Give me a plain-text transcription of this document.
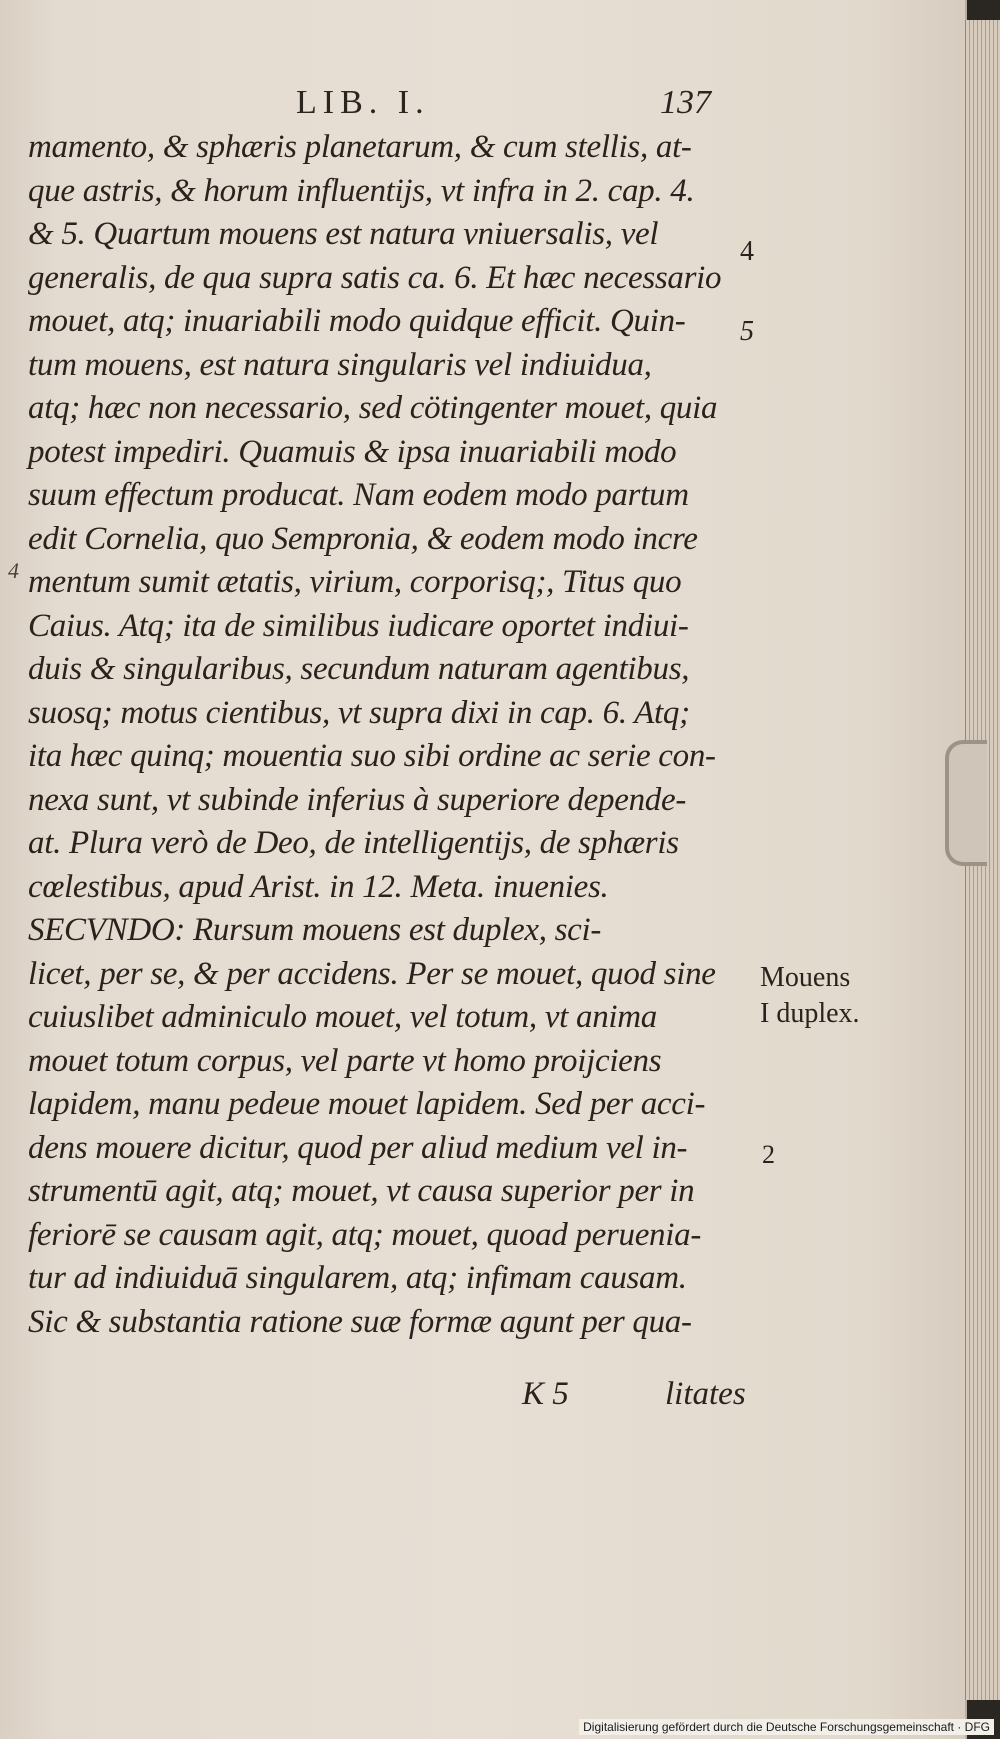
LIB. I.	137
mamento, & sphæris planetarum, & cum stellis, at-
que astris, & horum influentijs, vt infra in 2. cap. 4.
& 5. Quartum mouens est natura vniuersalis, vel
generalis, de qua supra satis ca. 6. Et hæc necessario
mouet, atq; inuariabili modo quidque efficit. Quin-
tum mouens, est natura singularis vel indiuidua,
atq; hæc non necessario, sed cötingenter mouet, quia
potest impediri. Quamuis & ipsa inuariabili modo
suum effectum producat. Nam eodem modo partum
edit Cornelia, quo Sempronia, & eodem modo incre
mentum sumit ætatis, virium, corporisq;, Titus quo
Caius. Atq; ita de similibus iudicare oportet indiui-
duis & singularibus, secundum naturam agentibus,
suosq; motus cientibus, vt supra dixi in cap. 6. Atq;
ita hæc quinq; mouentia suo sibi ordine ac serie con-
nexa sunt, vt subinde inferius à superiore depende-
at. Plura verò de Deo, de intelligentijs, de sphæris
cœlestibus, apud Arist. in 12. Meta. inuenies.
SECVNDO: Rursum mouens est duplex, sci-
licet, per se, & per accidens. Per se mouet, quod sine
cuiuslibet adminiculo mouet, vel totum, vt anima
mouet totum corpus, vel parte vt homo proijciens
lapidem, manu pedeue mouet lapidem. Sed per acci-
dens mouere dicitur, quod per aliud medium vel in-
strumentū agit, atq; mouet, vt causa superior per in
feriorē se causam agit, atq; mouet, quoad perueniа-
tur ad indiuiduā singularem, atq; infimam causam.
Sic & substantia ratione suæ formæ agunt per qua-
4
5
Mouens
I duplex.
2
4
K 5	litates
Digitalisierung gefördert durch die Deutsche Forschungsgemeinschaft · DFG
